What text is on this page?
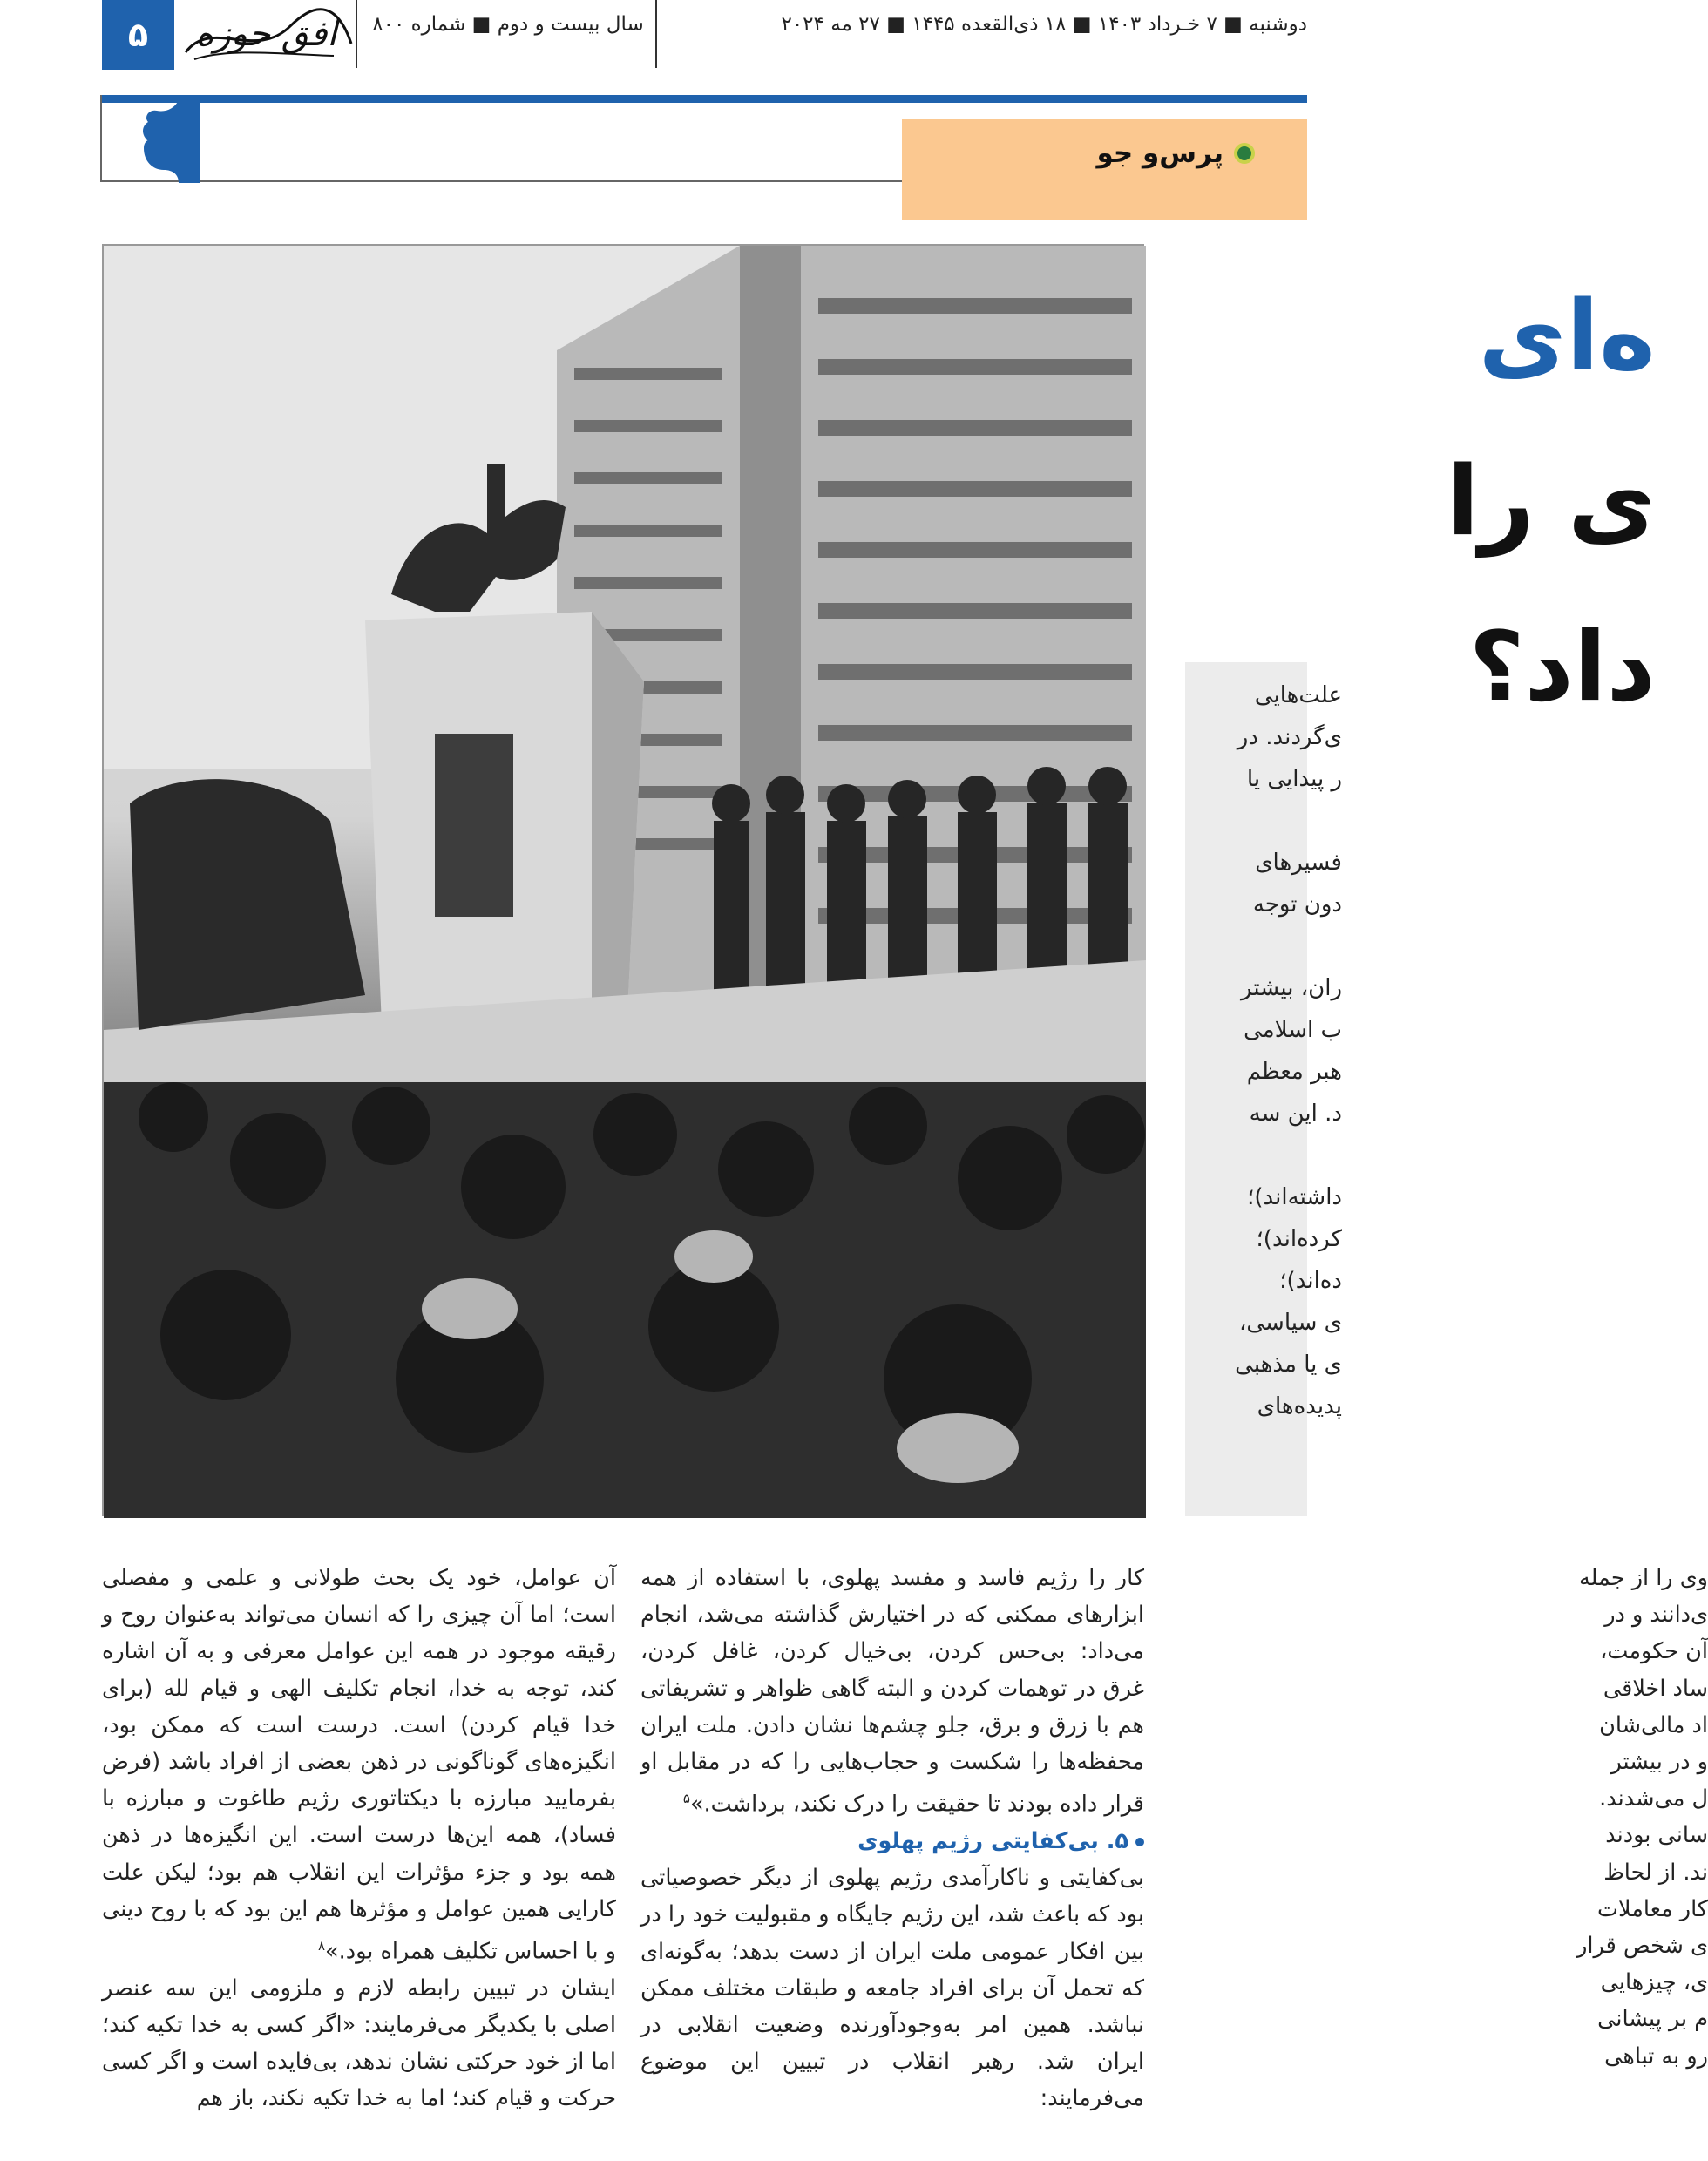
۵	افق حوزه	سال بیست و دوم ■ شماره ۸۰۰	دوشنبه ■ ۷ خـرداد ۱۴۰۳ ■ ۱۸ ذی‌القعده ۱۴۴۵ ■ ۲۷ مه ۲۰۲۴
پرس‌و جو
ه‌ای
ی را
داد؟

علت‌هایی

ی‌گردند. در

ر پیدایی یا

فسیرهای

دون توجه

ران، بیشتر

ب اسلامی

هبر معظم

د. این سه

داشته‌اند)؛

کرده‌اند)؛

ده‌اند)؛

ی سیاسی،

ی یا مذهبی

پدیده‌های

آن عوامل، خود یک بحث طولانی و علمی و مفصلی است؛ اما آن چیزی را که انسان می‌تواند به‌عنوان روح و رقیقه موجود در همه این عوامل معرفی و به آن اشاره کند، توجه به خدا، انجام تکلیف الهی و قیام لله (برای خدا قیام کردن) است. درست است که ممکن بود، انگیزه‌های گوناگونی در ذهن بعضی از افراد باشد (فرض بفرمایید مبارزه با دیکتاتوری رژیم طاغوت و مبارزه با فساد)، همه این‌ها درست است. این انگیزه‌ها در ذهن همه بود و جزء مؤثرات این انقلاب هم بود؛ لیکن علت کارایی همین عوامل و مؤثرها هم این بود که با روح دینی و با احساس تکلیف همراه بود.»$^۸$

ایشان در تبیین رابطه لازم و ملزومی این سه عنصر اصلی با یکدیگر می‌فرمایند: «اگر کسی به خدا تکیه کند؛ اما از خود حرکتی نشان ندهد، بی‌فایده است و اگر کسی حرکت و قیام کند؛ اما به خدا تکیه نکند، باز هم

کار را رژیم فاسد و مفسد پهلوی، با استفاده از همه ابزارهای ممکنی که در اختیارش گذاشته می‌شد، انجام می‌داد: بی‌حس کردن، بی‌خیال کردن، غافل کردن، غرق در توهمات کردن و البته گاهی ظواهر و تشریفاتی هم با زرق و برق، جلو چشم‌ها نشان دادن. ملت ایران محفظه‌ها را شکست و حجاب‌هایی را که در مقابل او قرار داده بودند تا حقیقت را درک نکند، برداشت.»$^۵$

۵. بی‌کفایتی رژیم پهلوی

بی‌کفایتی و ناکارآمدی رژیم پهلوی از دیگر خصوصیاتی بود که باعث شد، این رژیم جایگاه و مقبولیت خود را در بین افکار عمومی ملت ایران از دست بدهد؛ به‌گونه‌ای که تحمل آن برای افراد جامعه و طبقات مختلف ممکن نباشد. همین امر به‌وجودآورنده وضعیت انقلابی در ایران شد. رهبر انقلاب در تبیین این موضوع می‌فرمایند:

وی را از جمله

ی‌دانند و در

آن حکومت،

ساد اخلاقی

اد مالی‌شان

و در بیشتر

ل می‌شدند.

سانی بودند

ند. از لحاظ

کار معاملات

ی شخص قرار

ی، چیزهایی

م بر پیشانی

رو به تباهی
